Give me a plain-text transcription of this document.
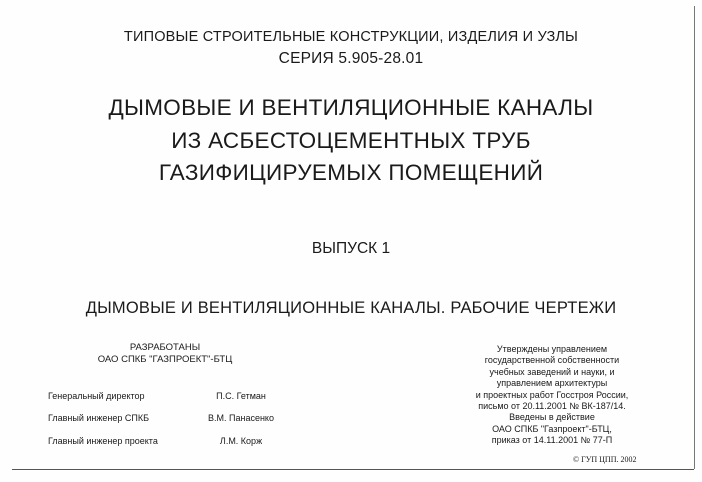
ТИПОВЫЕ СТРОИТЕЛЬНЫЕ КОНСТРУКЦИИ, ИЗДЕЛИЯ И УЗЛЫ
СЕРИЯ 5.905-28.01
ДЫМОВЫЕ И ВЕНТИЛЯЦИОННЫЕ КАНАЛЫ
ИЗ АСБЕСТОЦЕМЕНТНЫХ ТРУБ
ГАЗИФИЦИРУЕМЫХ ПОМЕЩЕНИЙ
ВЫПУСК 1
ДЫМОВЫЕ И ВЕНТИЛЯЦИОННЫЕ КАНАЛЫ. РАБОЧИЕ ЧЕРТЕЖИ
РАЗРАБОТАНЫ
ОАО СПКБ "ГАЗПРОЕКТ"-БТЦ
Генеральный директор	П.С. Гетман
Главный инженер СПКБ	В.М. Панасенко
Главный инженер проекта	Л.М. Корж
Утверждены управлением
государственной собственности
учебных заведений и науки, и
управлением архитектуры
и проектных работ Госстроя России,
письмо от 20.11.2001 № ВК-187/14.
Введены в действие
ОАО СПКБ "Газпроект"-БТЦ,
приказ от 14.11.2001 № 77-П
© ГУП ЦПП. 2002
